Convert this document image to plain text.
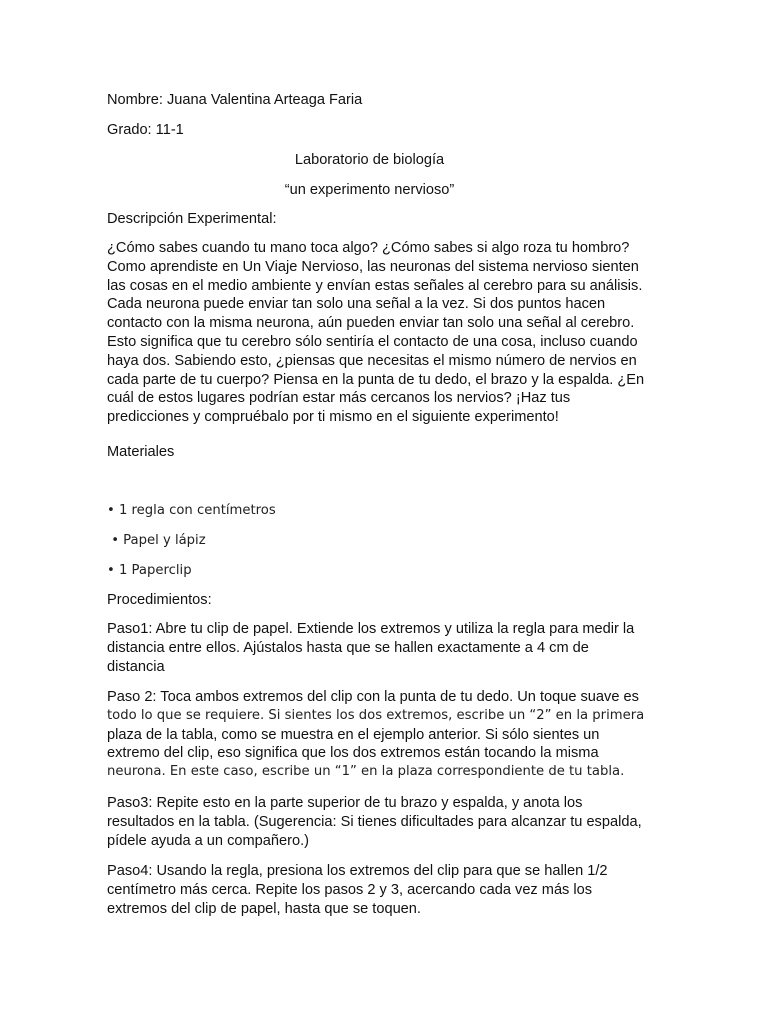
Nombre: Juana Valentina Arteaga Faria

Grado: 11-1

Laboratorio de biología

“un experimento nervioso”

Descripción Experimental:

¿Cómo sabes cuando tu mano toca algo? ¿Cómo sabes si algo roza tu hombro?

Como aprendiste en Un Viaje Nervioso, las neuronas del sistema nervioso sienten

las cosas en el medio ambiente y envían estas señales al cerebro para su análisis.

Cada neurona puede enviar tan solo una señal a la vez. Si dos puntos hacen

contacto con la misma neurona, aún pueden enviar tan solo una señal al cerebro.

Esto significa que tu cerebro sólo sentiría el contacto de una cosa, incluso cuando

haya dos. Sabiendo esto, ¿piensas que necesitas el mismo número de nervios en

cada parte de tu cuerpo? Piensa en la punta de tu dedo, el brazo y la espalda. ¿En

cuál de estos lugares podrían estar más cercanos los nervios? ¡Haz tus

predicciones y compruébalo por ti mismo en el siguiente experimento!

Materiales

• 1 regla con centímetros

• Papel y lápiz

• 1 Paperclip

Procedimientos:

Paso1: Abre tu clip de papel. Extiende los extremos y utiliza la regla para medir la

distancia entre ellos. Ajústalos hasta que se hallen exactamente a 4 cm de

distancia

Paso 2: Toca ambos extremos del clip con la punta de tu dedo. Un toque suave es

todo lo que se requiere. Si sientes los dos extremos, escribe un “2” en la primera

plaza de la tabla, como se muestra en el ejemplo anterior. Si sólo sientes un

extremo del clip, eso significa que los dos extremos están tocando la misma

neurona. En este caso, escribe un “1” en la plaza correspondiente de tu tabla.

Paso3: Repite esto en la parte superior de tu brazo y espalda, y anota los

resultados en la tabla. (Sugerencia: Si tienes dificultades para alcanzar tu espalda,

pídele ayuda a un compañero.)

Paso4: Usando la regla, presiona los extremos del clip para que se hallen 1/2

centímetro más cerca. Repite los pasos 2 y 3, acercando cada vez más los

extremos del clip de papel, hasta que se toquen.
